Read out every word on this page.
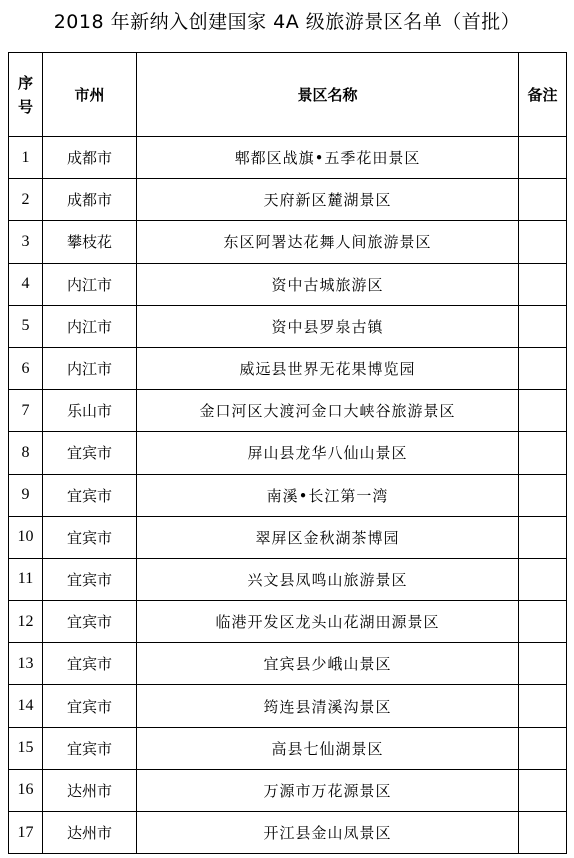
2018 年新纳入创建国家 4A 级旅游景区名单（首批）
序号	市州	景区名称	备注
1	成都市	郫都区战旗•五季花田景区	
2	成都市	天府新区麓湖景区	
3	攀枝花	东区阿署达花舞人间旅游景区	
4	内江市	资中古城旅游区	
5	内江市	资中县罗泉古镇	
6	内江市	威远县世界无花果博览园	
7	乐山市	金口河区大渡河金口大峡谷旅游景区	
8	宜宾市	屏山县龙华八仙山景区	
9	宜宾市	南溪•长江第一湾	
10	宜宾市	翠屏区金秋湖茶博园	
11	宜宾市	兴文县凤鸣山旅游景区	
12	宜宾市	临港开发区龙头山花湖田源景区	
13	宜宾市	宜宾县少峨山景区	
14	宜宾市	筠连县清溪沟景区	
15	宜宾市	高县七仙湖景区	
16	达州市	万源市万花源景区	
17	达州市	开江县金山凤景区	
